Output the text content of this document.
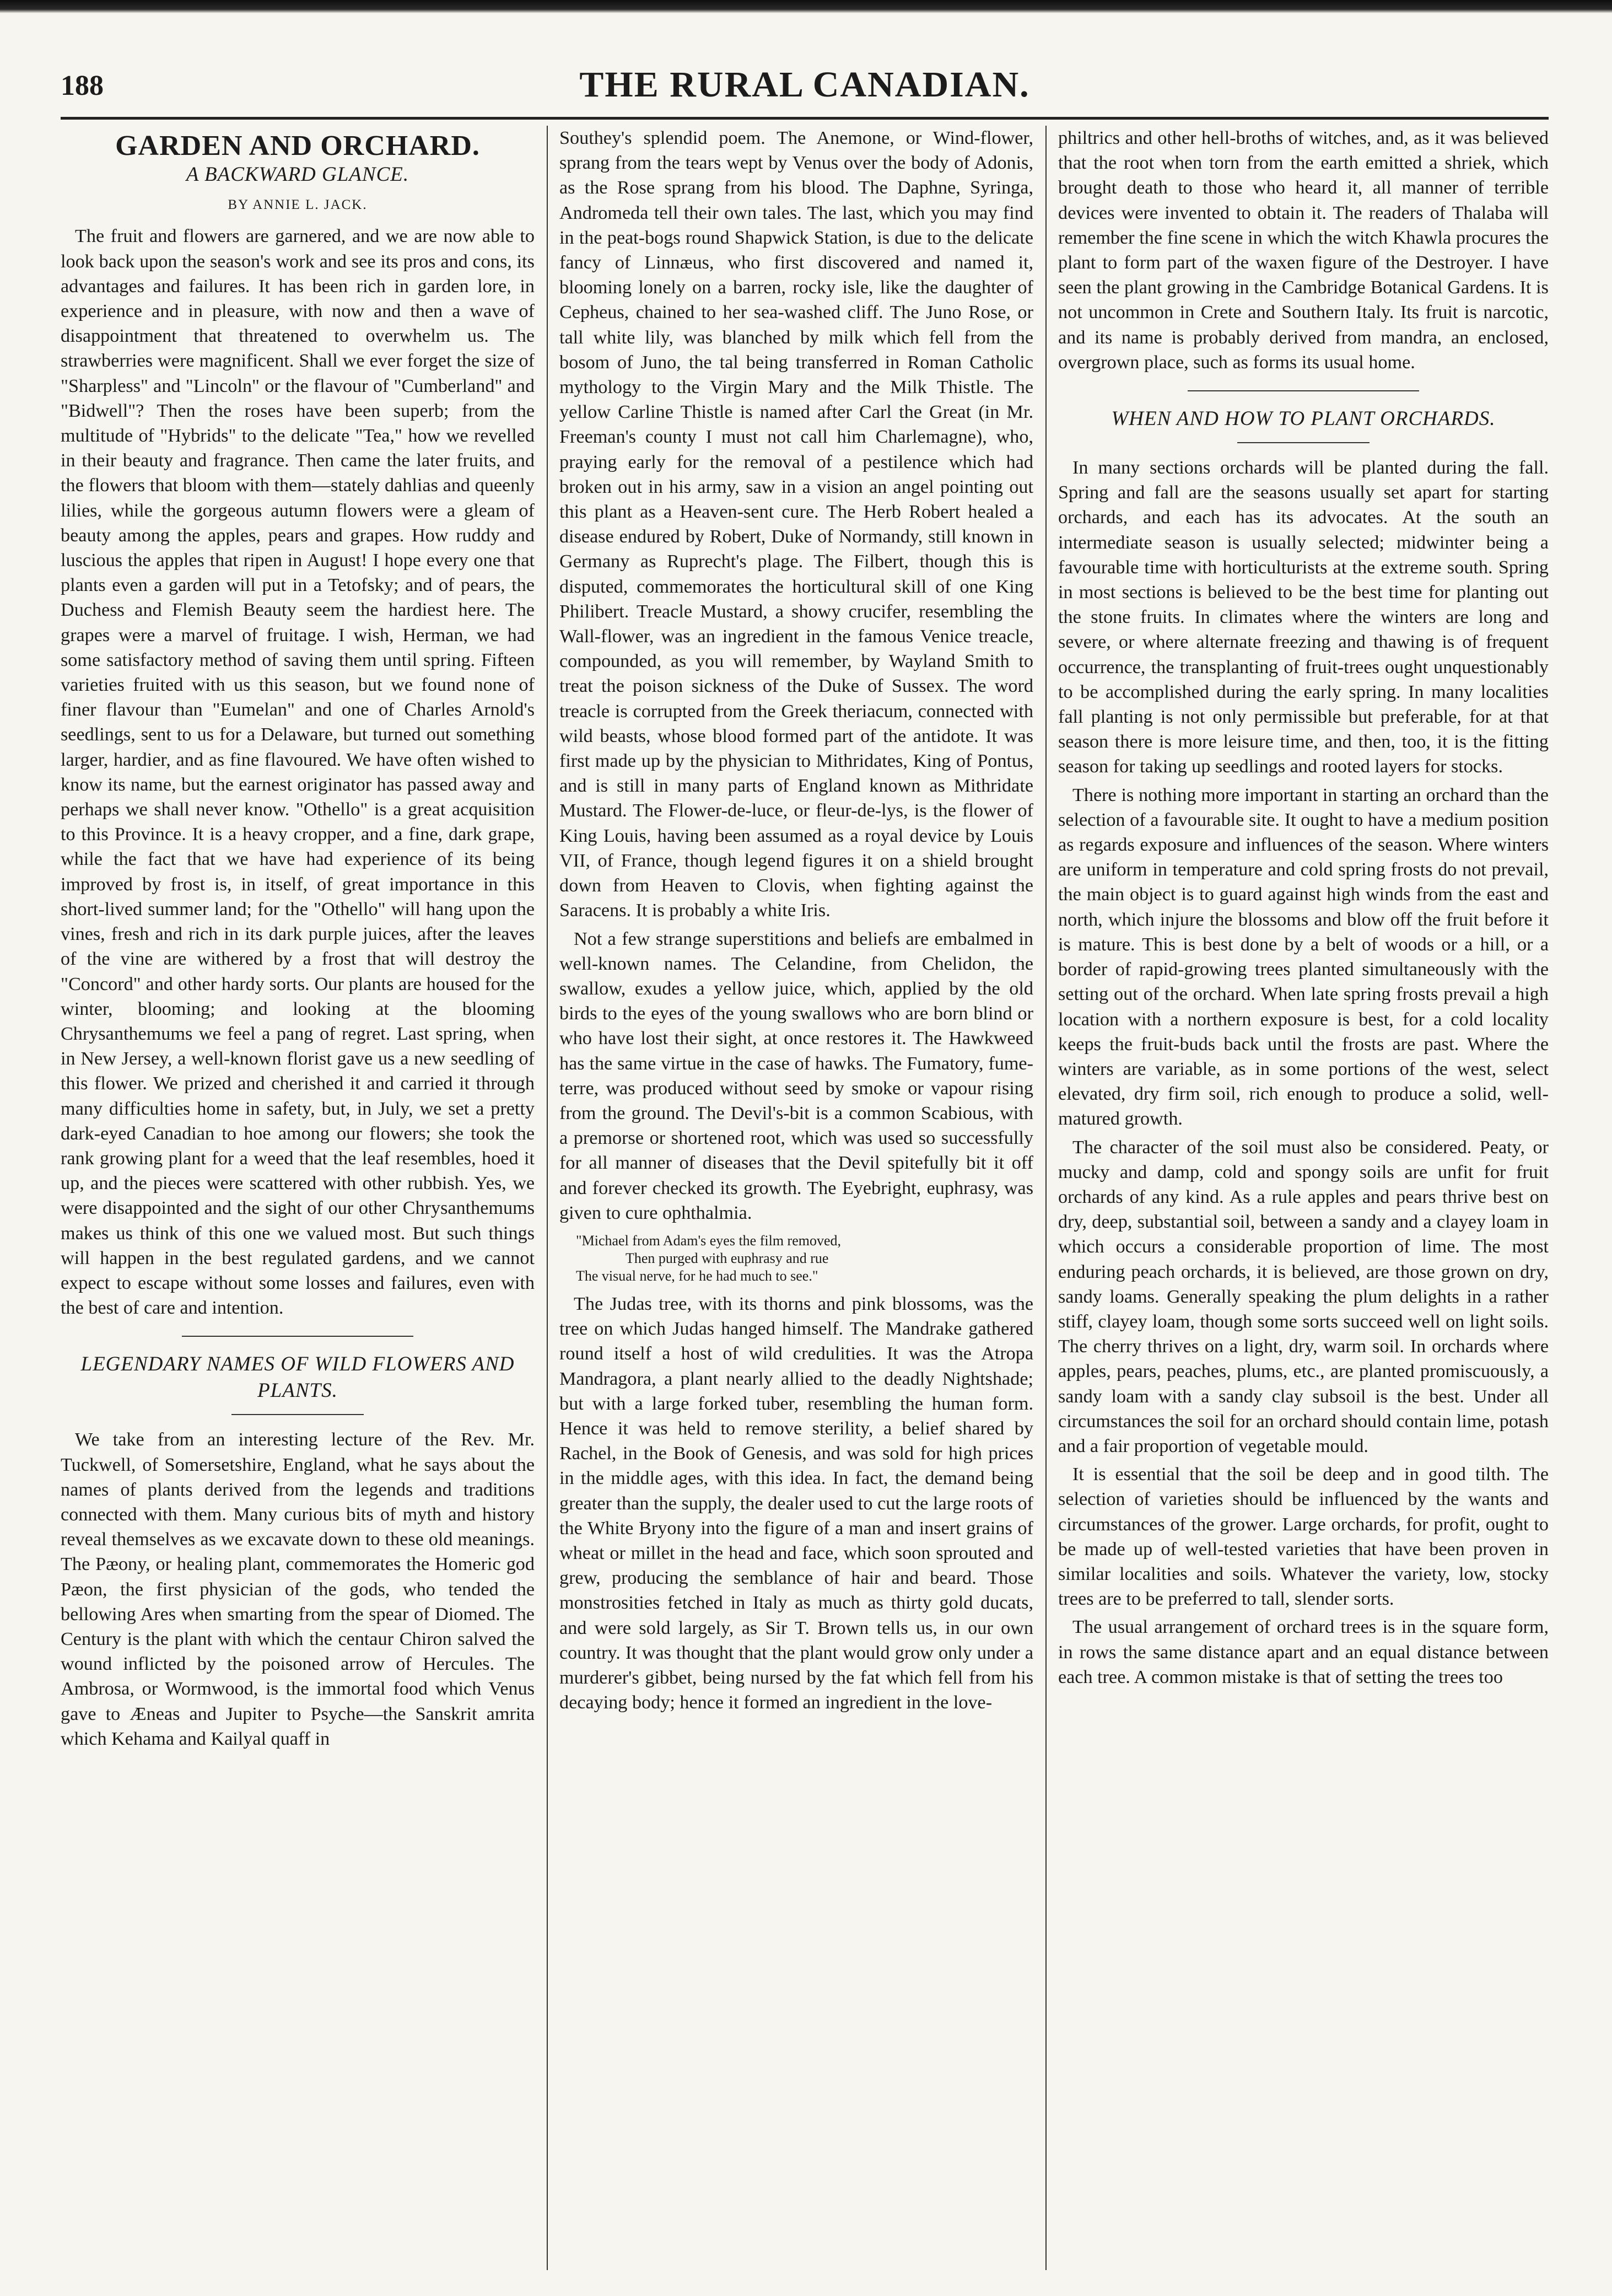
188	THE RURAL CANADIAN.
GARDEN AND ORCHARD.
A BACKWARD GLANCE.
BY ANNIE L. JACK.

The fruit and flowers are garnered, and we are now able to look back upon the season's work and see its pros and cons, its advantages and failures. It has been rich in garden lore, in experience and in pleasure, with now and then a wave of disappointment that threatened to overwhelm us. The strawberries were magnificent. Shall we ever forget the size of "Sharpless" and "Lincoln" or the flavour of "Cumberland" and "Bidwell"? Then the roses have been superb; from the multitude of "Hybrids" to the delicate "Tea," how we revelled in their beauty and fragrance. Then came the later fruits, and the flowers that bloom with them—stately dahlias and queenly lilies, while the gorgeous autumn flowers were a gleam of beauty among the apples, pears and grapes. How ruddy and luscious the apples that ripen in August! I hope every one that plants even a garden will put in a Tetofsky; and of pears, the Duchess and Flemish Beauty seem the hardiest here. The grapes were a marvel of fruitage. I wish, Herman, we had some satisfactory method of saving them until spring. Fifteen varieties fruited with us this season, but we found none of finer flavour than "Eumelan" and one of Charles Arnold's seedlings, sent to us for a Delaware, but turned out something larger, hardier, and as fine flavoured. We have often wished to know its name, but the earnest originator has passed away and perhaps we shall never know. "Othello" is a great acquisition to this Province. It is a heavy cropper, and a fine, dark grape, while the fact that we have had experience of its being improved by frost is, in itself, of great importance in this short-lived summer land; for the "Othello" will hang upon the vines, fresh and rich in its dark purple juices, after the leaves of the vine are withered by a frost that will destroy the "Concord" and other hardy sorts. Our plants are housed for the winter, blooming; and looking at the blooming Chrysanthemums we feel a pang of regret. Last spring, when in New Jersey, a well-known florist gave us a new seedling of this flower. We prized and cherished it and carried it through many difficulties home in safety, but, in July, we set a pretty dark-eyed Canadian to hoe among our flowers; she took the rank growing plant for a weed that the leaf resembles, hoed it up, and the pieces were scattered with other rubbish. Yes, we were disappointed and the sight of our other Chrysanthemums makes us think of this one we valued most. But such things will happen in the best regulated gardens, and we cannot expect to escape without some losses and failures, even with the best of care and intention.

LEGENDARY NAMES OF WILD FLOWERS AND PLANTS.

We take from an interesting lecture of the Rev. Mr. Tuckwell, of Somersetshire, England, what he says about the names of plants derived from the legends and traditions connected with them. Many curious bits of myth and history reveal themselves as we excavate down to these old meanings. The Pæony, or healing plant, commemorates the Homeric god Pæon, the first physician of the gods, who tended the bellowing Ares when smarting from the spear of Diomed. The Century is the plant with which the centaur Chiron salved the wound inflicted by the poisoned arrow of Hercules. The Ambrosa, or Wormwood, is the immortal food which Venus gave to Æneas and Jupiter to Psyche—the Sanskrit amrita which Kehama and Kailyal quaff in

Southey's splendid poem. The Anemone, or Wind-flower, sprang from the tears wept by Venus over the body of Adonis, as the Rose sprang from his blood. The Daphne, Syringa, Andromeda tell their own tales. The last, which you may find in the peat-bogs round Shapwick Station, is due to the delicate fancy of Linnæus, who first discovered and named it, blooming lonely on a barren, rocky isle, like the daughter of Cepheus, chained to her sea-washed cliff. The Juno Rose, or tall white lily, was blanched by milk which fell from the bosom of Juno, the tal being transferred in Roman Catholic mythology to the Virgin Mary and the Milk Thistle. The yellow Carline Thistle is named after Carl the Great (in Mr. Freeman's county I must not call him Charlemagne), who, praying early for the removal of a pestilence which had broken out in his army, saw in a vision an angel pointing out this plant as a Heaven-sent cure. The Herb Robert healed a disease endured by Robert, Duke of Normandy, still known in Germany as Ruprecht's plage. The Filbert, though this is disputed, commemorates the horticultural skill of one King Philibert. Treacle Mustard, a showy crucifer, resembling the Wall-flower, was an ingredient in the famous Venice treacle, compounded, as you will remember, by Wayland Smith to treat the poison sickness of the Duke of Sussex. The word treacle is corrupted from the Greek theriacum, connected with wild beasts, whose blood formed part of the antidote. It was first made up by the physician to Mithridates, King of Pontus, and is still in many parts of England known as Mithridate Mustard. The Flower-de-luce, or fleur-de-lys, is the flower of King Louis, having been assumed as a royal device by Louis VII, of France, though legend figures it on a shield brought down from Heaven to Clovis, when fighting against the Saracens. It is probably a white Iris.

Not a few strange superstitions and beliefs are embalmed in well-known names. The Celandine, from Chelidon, the swallow, exudes a yellow juice, which, applied by the old birds to the eyes of the young swallows who are born blind or who have lost their sight, at once restores it. The Hawkweed has the same virtue in the case of hawks. The Fumatory, fume-terre, was produced without seed by smoke or vapour rising from the ground. The Devil's-bit is a common Scabious, with a premorse or shortened root, which was used so successfully for all manner of diseases that the Devil spitefully bit it off and forever checked its growth. The Eyebright, euphrasy, was given to cure ophthalmia.

"Michael from Adam's eyes the film removed,
Then purged with euphrasy and rue
The visual nerve, for he had much to see."

The Judas tree, with its thorns and pink blossoms, was the tree on which Judas hanged himself. The Mandrake gathered round itself a host of wild credulities. It was the Atropa Mandragora, a plant nearly allied to the deadly Nightshade; but with a large forked tuber, resembling the human form. Hence it was held to remove sterility, a belief shared by Rachel, in the Book of Genesis, and was sold for high prices in the middle ages, with this idea. In fact, the demand being greater than the supply, the dealer used to cut the large roots of the White Bryony into the figure of a man and insert grains of wheat or millet in the head and face, which soon sprouted and grew, producing the semblance of hair and beard. Those monstrosities fetched in Italy as much as thirty gold ducats, and were sold largely, as Sir T. Brown tells us, in our own country. It was thought that the plant would grow only under a murderer's gibbet, being nursed by the fat which fell from his decaying body; hence it formed an ingredient in the love-

philtrics and other hell-broths of witches, and, as it was believed that the root when torn from the earth emitted a shriek, which brought death to those who heard it, all manner of terrible devices were invented to obtain it. The readers of Thalaba will remember the fine scene in which the witch Khawla procures the plant to form part of the waxen figure of the Destroyer. I have seen the plant growing in the Cambridge Botanical Gardens. It is not uncommon in Crete and Southern Italy. Its fruit is narcotic, and its name is probably derived from mandra, an enclosed, overgrown place, such as forms its usual home.

WHEN AND HOW TO PLANT ORCHARDS.

In many sections orchards will be planted during the fall. Spring and fall are the seasons usually set apart for starting orchards, and each has its advocates. At the south an intermediate season is usually selected; midwinter being a favourable time with horticulturists at the extreme south. Spring in most sections is believed to be the best time for planting out the stone fruits. In climates where the winters are long and severe, or where alternate freezing and thawing is of frequent occurrence, the transplanting of fruit-trees ought unquestionably to be accomplished during the early spring. In many localities fall planting is not only permissible but preferable, for at that season there is more leisure time, and then, too, it is the fitting season for taking up seedlings and rooted layers for stocks.

There is nothing more important in starting an orchard than the selection of a favourable site. It ought to have a medium position as regards exposure and influences of the season. Where winters are uniform in temperature and cold spring frosts do not prevail, the main object is to guard against high winds from the east and north, which injure the blossoms and blow off the fruit before it is mature. This is best done by a belt of woods or a hill, or a border of rapid-growing trees planted simultaneously with the setting out of the orchard. When late spring frosts prevail a high location with a northern exposure is best, for a cold locality keeps the fruit-buds back until the frosts are past. Where the winters are variable, as in some portions of the west, select elevated, dry firm soil, rich enough to produce a solid, well-matured growth.

The character of the soil must also be considered. Peaty, or mucky and damp, cold and spongy soils are unfit for fruit orchards of any kind. As a rule apples and pears thrive best on dry, deep, substantial soil, between a sandy and a clayey loam in which occurs a considerable proportion of lime. The most enduring peach orchards, it is believed, are those grown on dry, sandy loams. Generally speaking the plum delights in a rather stiff, clayey loam, though some sorts succeed well on light soils. The cherry thrives on a light, dry, warm soil. In orchards where apples, pears, peaches, plums, etc., are planted promiscuously, a sandy loam with a sandy clay subsoil is the best. Under all circumstances the soil for an orchard should contain lime, potash and a fair proportion of vegetable mould.

It is essential that the soil be deep and in good tilth. The selection of varieties should be influenced by the wants and circumstances of the grower. Large orchards, for profit, ought to be made up of well-tested varieties that have been proven in similar localities and soils. Whatever the variety, low, stocky trees are to be preferred to tall, slender sorts.

The usual arrangement of orchard trees is in the square form, in rows the same distance apart and an equal distance between each tree. A common mistake is that of setting the trees too
